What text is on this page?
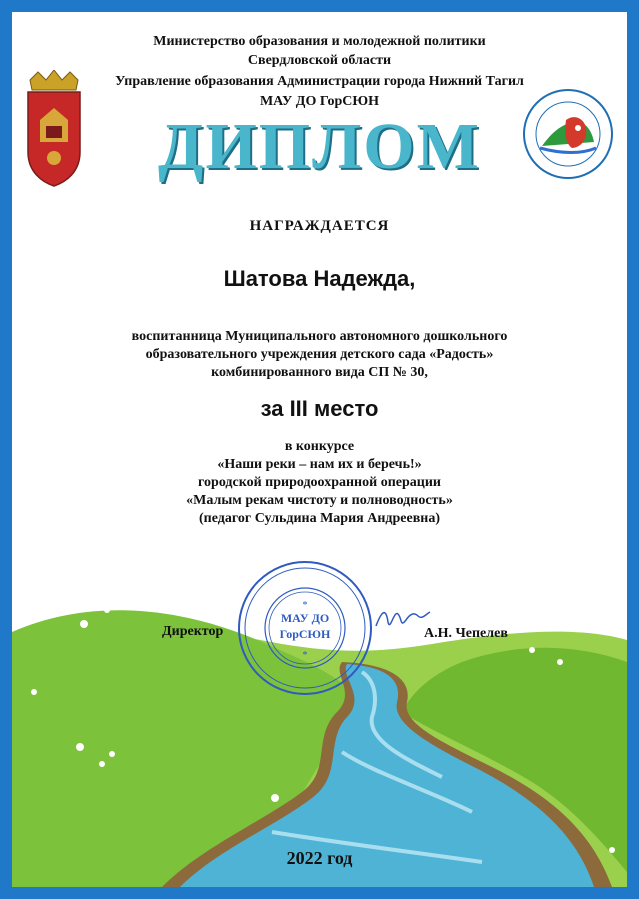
Министерство образования и молодежной политики
Свердловской области
Управление образования Администрации города Нижний Тагил
МАУ ДО ГорСЮН
ДИПЛОМ
НАГРАЖДАЕТСЯ
Шатова Надежда,
воспитанница Муниципального автономного дошкольного
образовательного учреждения детского сада «Радость»
комбинированного вида СП № 30,
за III место
в конкурсе
«Наши реки – нам их и беречь!»
городской природоохранной операции
«Малым рекам чистоту и полноводность»
(педагог Сульдина Мария Андреевна)
МАУ ДО
ГорСЮН
*
*
Директор	А.Н. Чепелев
2022 год
